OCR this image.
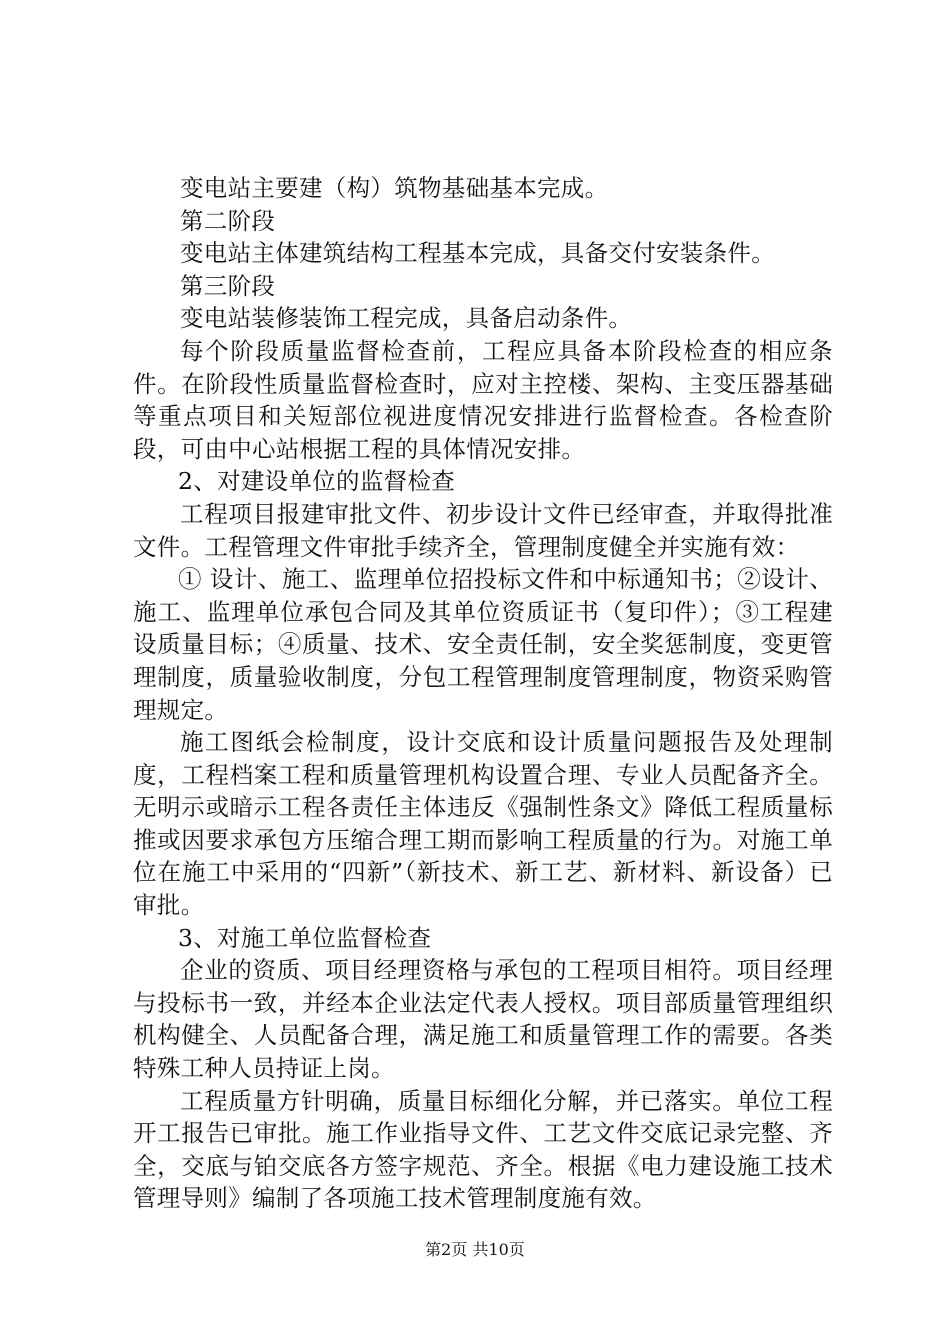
变电站主要建（构）筑物基础基本完成。

第二阶段

变电站主体建筑结构工程基本完成，具备交付安装条件。

第三阶段

变电站装修装饰工程完成，具备启动条件。

每个阶段质量监督检查前，工程应具备本阶段检查的相应条件。在阶段性质量监督检查时，应对主控楼、架构、主变压器基础等重点项目和关短部位视进度情况安排进行监督检查。各检查阶段，可由中心站根据工程的具体情况安排。

2、对建设单位的监督检查

工程项目报建审批文件、初步设计文件已经审查，并取得批准文件。工程管理文件审批手续齐全，管理制度健全并实施有效：

① 设计、施工、监理单位招投标文件和中标通知书；②设计、施工、监理单位承包合同及其单位资质证书（复印件）；③工程建设质量目标；④质量、技术、安全责任制，安全奖惩制度，变更管理制度，质量验收制度，分包工程管理制度管理制度，物资采购管理规定。

施工图纸会检制度，设计交底和设计质量问题报告及处理制度，工程档案工程和质量管理机构设置合理、专业人员配备齐全。无明示或暗示工程各责任主体违反《强制性条文》降低工程质量标推或因要求承包方压缩合理工期而影响工程质量的行为。对施工单位在施工中采用的“四新”（新技术、新工艺、新材料、新设备）已审批。

3、对施工单位监督检查

企业的资质、项目经理资格与承包的工程项目相符。项目经理与投标书一致，并经本企业法定代表人授权。项目部质量管理组织机构健全、人员配备合理，满足施工和质量管理工作的需要。各类特殊工种人员持证上岗。

工程质量方针明确，质量目标细化分解，并已落实。单位工程开工报告已审批。施工作业指导文件、工艺文件交底记录完整、齐全，交底与铂交底各方签字规范、齐全。根据《电力建设施工技术管理导则》编制了各项施工技术管理制度施有效。

第2页 共10页
